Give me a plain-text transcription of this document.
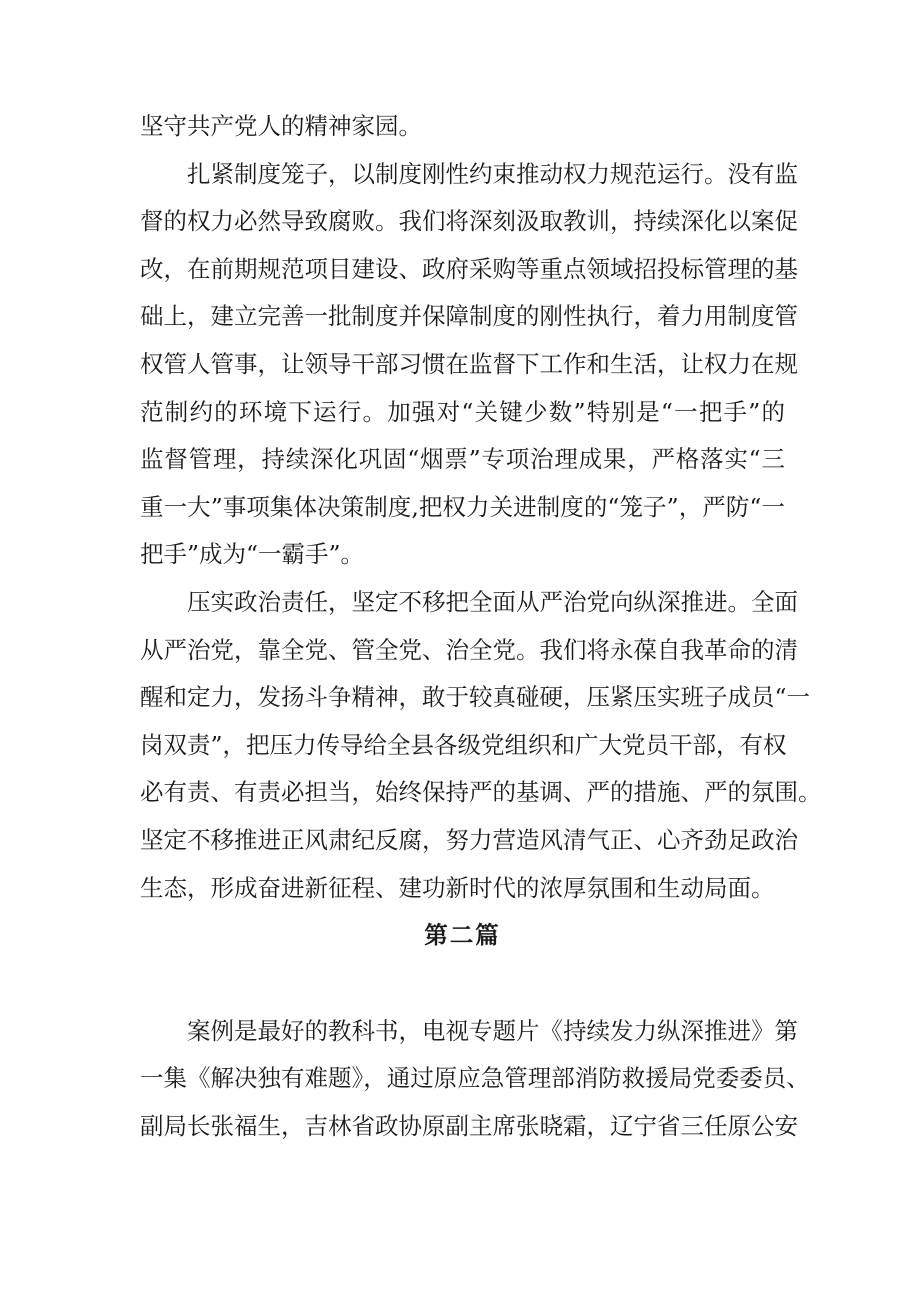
坚守共产党人的精神家园。
扎紧制度笼子，以制度刚性约束推动权力规范运行。没有监
督的权力必然导致腐败。我们将深刻汲取教训，持续深化以案促
改，在前期规范项目建设、政府采购等重点领域招投标管理的基
础上，建立完善一批制度并保障制度的刚性执行，着力用制度管
权管人管事，让领导干部习惯在监督下工作和生活，让权力在规
范制约的环境下运行。加强对“关键少数”特别是“一把手”的
监督管理，持续深化巩固“烟票”专项治理成果，严格落实“三
重一大”事项集体决策制度,把权力关进制度的“笼子”，严防“一
把手”成为“一霸手”。
压实政治责任，坚定不移把全面从严治党向纵深推进。全面
从严治党，靠全党、管全党、治全党。我们将永葆自我革命的清
醒和定力，发扬斗争精神，敢于较真碰硬，压紧压实班子成员“一
岗双责”，把压力传导给全县各级党组织和广大党员干部，有权
必有责、有责必担当，始终保持严的基调、严的措施、严的氛围。
坚定不移推进正风肃纪反腐，努力营造风清气正、心齐劲足政治
生态，形成奋进新征程、建功新时代的浓厚氛围和生动局面。
第二篇
案例是最好的教科书，电视专题片《持续发力纵深推进》第
一集《解决独有难题》，通过原应急管理部消防救援局党委委员、
副局长张福生，吉林省政协原副主席张晓霜，辽宁省三任原公安
